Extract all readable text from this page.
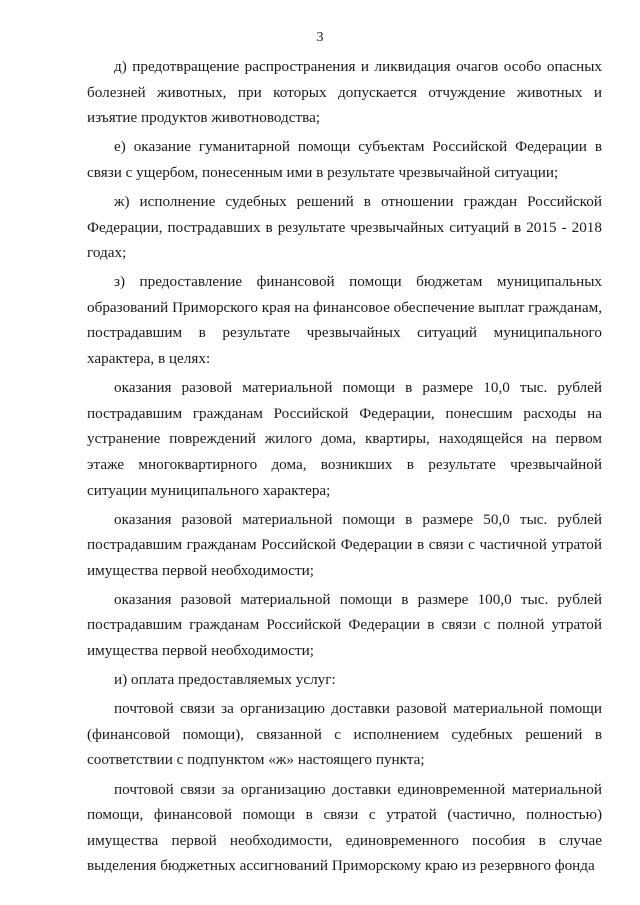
3

д) предотвращение распространения и ликвидация очагов особо опасных болезней животных, при которых допускается отчуждение животных и изъятие продуктов животноводства;

е) оказание гуманитарной помощи субъектам Российской Федерации в связи с ущербом, понесенным ими в результате чрезвычайной ситуации;

ж) исполнение судебных решений в отношении граждан Российской Федерации, пострадавших в результате чрезвычайных ситуаций в 2015 - 2018 годах;

з) предоставление финансовой помощи бюджетам муниципальных образований Приморского края на финансовое обеспечение выплат гражданам, пострадавшим в результате чрезвычайных ситуаций муниципального характера, в целях:

оказания разовой материальной помощи в размере 10,0 тыс. рублей пострадавшим гражданам Российской Федерации, понесшим расходы на устранение повреждений жилого дома, квартиры, находящейся на первом этаже многоквартирного дома, возникших в результате чрезвычайной ситуации муниципального характера;

оказания разовой материальной помощи в размере 50,0 тыс. рублей пострадавшим гражданам Российской Федерации в связи с частичной утратой имущества первой необходимости;

оказания разовой материальной помощи в размере 100,0 тыс. рублей пострадавшим гражданам Российской Федерации в связи с полной утратой имущества первой необходимости;

и) оплата предоставляемых услуг:

почтовой связи за организацию доставки разовой материальной помощи (финансовой помощи), связанной с исполнением судебных решений в соответствии с подпунктом «ж» настоящего пункта;

почтовой связи за организацию доставки единовременной материальной помощи, финансовой помощи в связи с утратой (частично, полностью) имущества первой необходимости, единовременного пособия в случае выделения бюджетных ассигнований Приморскому краю из резервного фонда
